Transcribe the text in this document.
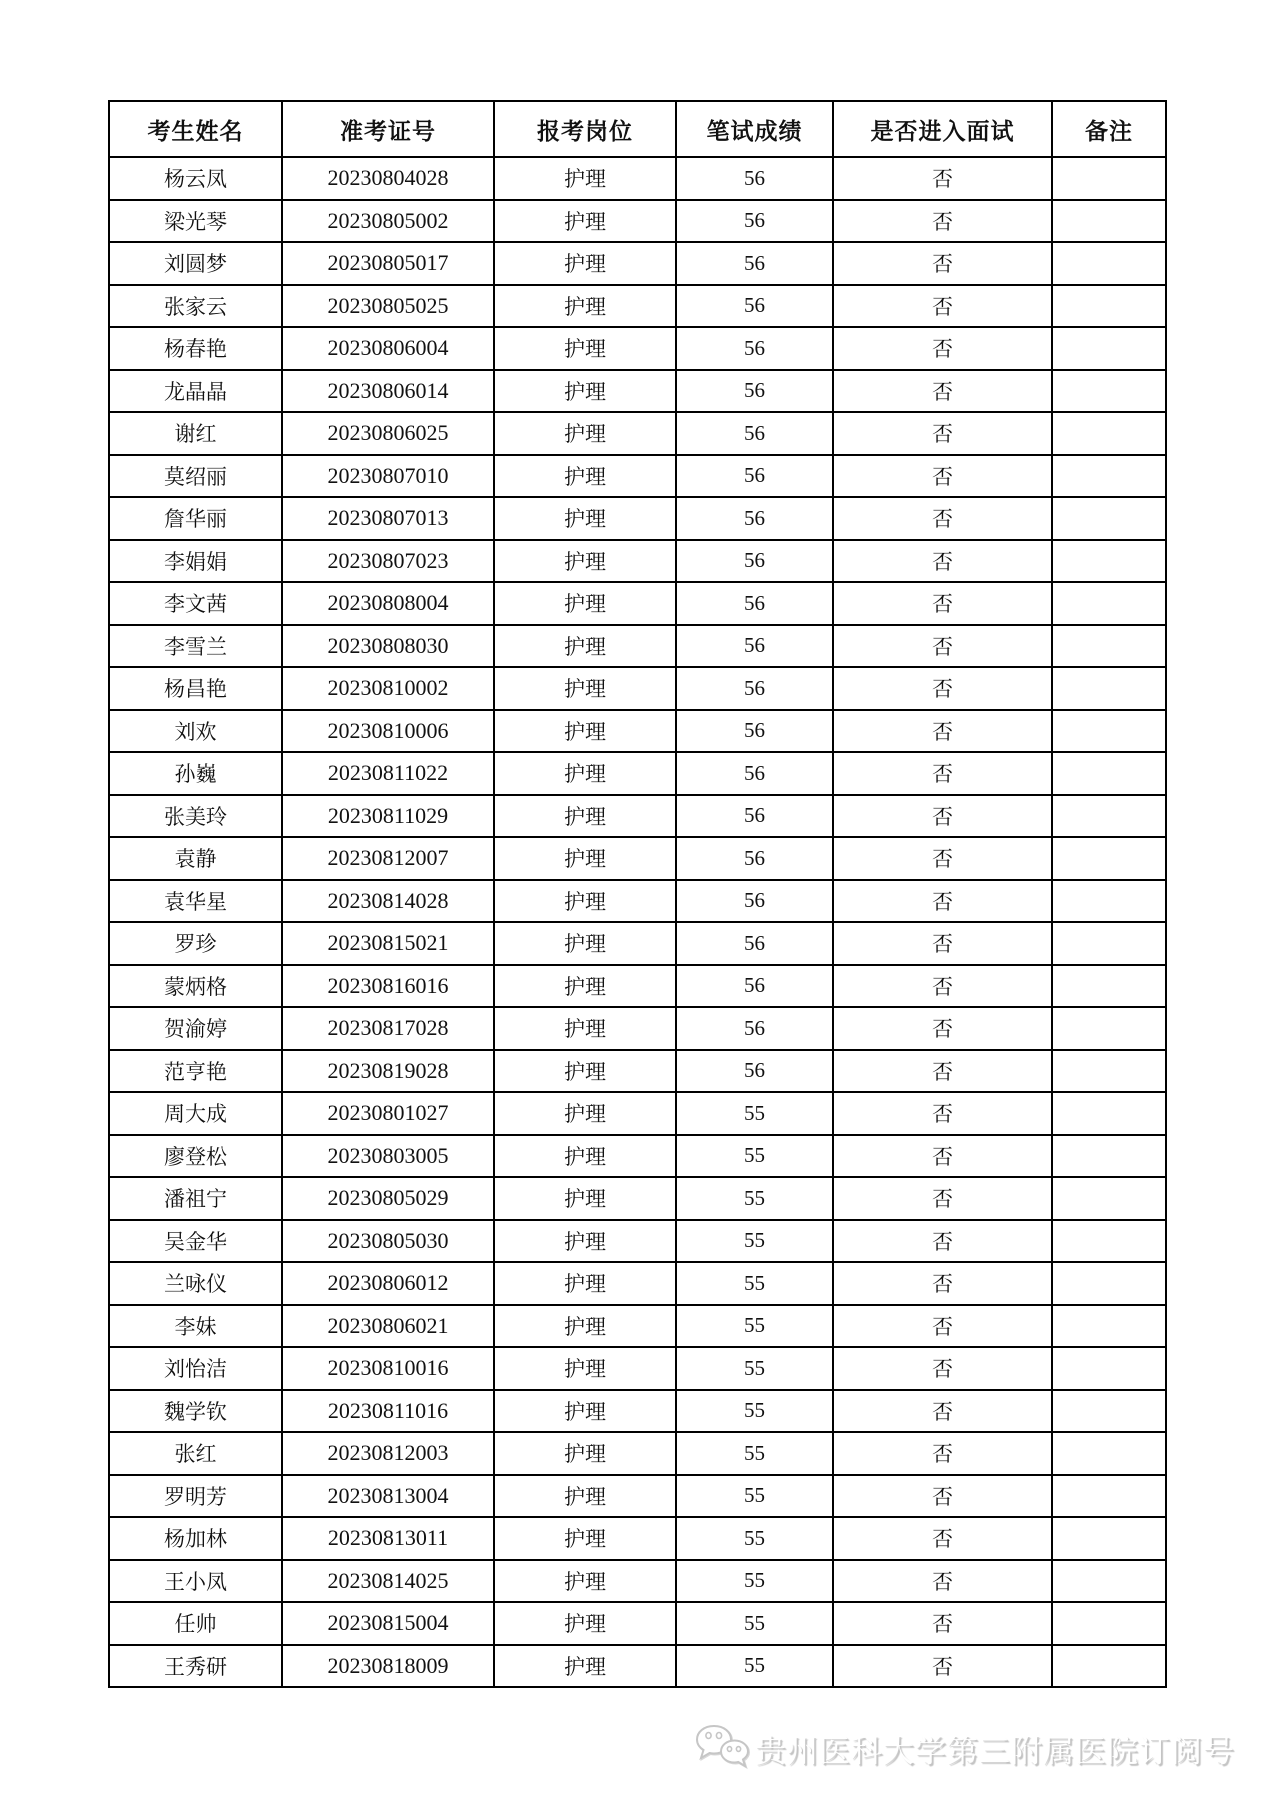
考生姓名	准考证号	报考岗位	笔试成绩	是否进入面试	备注
杨云凤	20230804028	护理	56	否	
梁光琴	20230805002	护理	56	否	
刘圆梦	20230805017	护理	56	否	
张家云	20230805025	护理	56	否	
杨春艳	20230806004	护理	56	否	
龙晶晶	20230806014	护理	56	否	
谢红	20230806025	护理	56	否	
莫绍丽	20230807010	护理	56	否	
詹华丽	20230807013	护理	56	否	
李娟娟	20230807023	护理	56	否	
李文茜	20230808004	护理	56	否	
李雪兰	20230808030	护理	56	否	
杨昌艳	20230810002	护理	56	否	
刘欢	20230810006	护理	56	否	
孙巍	20230811022	护理	56	否	
张美玲	20230811029	护理	56	否	
袁静	20230812007	护理	56	否	
袁华星	20230814028	护理	56	否	
罗珍	20230815021	护理	56	否	
蒙炳格	20230816016	护理	56	否	
贺渝婷	20230817028	护理	56	否	
范亨艳	20230819028	护理	56	否	
周大成	20230801027	护理	55	否	
廖登松	20230803005	护理	55	否	
潘祖宁	20230805029	护理	55	否	
吴金华	20230805030	护理	55	否	
兰咏仪	20230806012	护理	55	否	
李妹	20230806021	护理	55	否	
刘怡洁	20230810016	护理	55	否	
魏学钦	20230811016	护理	55	否	
张红	20230812003	护理	55	否	
罗明芳	20230813004	护理	55	否	
杨加林	20230813011	护理	55	否	
王小凤	20230814025	护理	55	否	
任帅	20230815004	护理	55	否	
王秀研	20230818009	护理	55	否	
贵州医科大学第三附属医院订阅号
